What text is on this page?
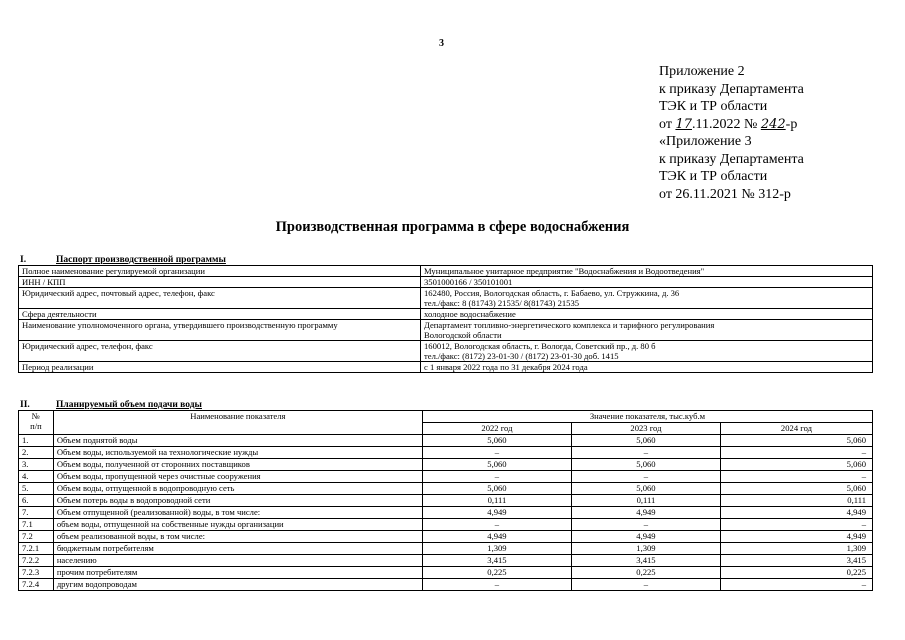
3
Приложение 2
к приказу Департамента
ТЭК и ТР области
от 17.11.2022 № 242-р
«Приложение 3
к приказу Департамента
ТЭК и ТР области
от 26.11.2021 № 312-р
Производственная программа в сфере водоснабжения
I.	Паспорт производственной программы
Полное наименование регулируемой организации	Муниципальное унитарное предприятие "Водоснабжения и Водоотведения"

ИНН / КПП	3501000166 / 350101001

Юридический адрес, почтовый адрес, телефон, факс	162480, Россия, Вологодская область, г. Бабаево, ул. Стружкина, д. 36
тел./факс: 8 (81743) 21535/ 8(81743) 21535

Сфера деятельности	холодное водоснабжение

Наименование уполномоченного органа, утвердившего производственную программу	Департамент топливно-энергетического комплекса и тарифного регулирования
Вологодской области

Юридический адрес, телефон, факс	160012, Вологодская область, г. Вологда, Советский пр., д. 80 б
тел./факс: (8172) 23-01-30 / (8172) 23-01-30 доб. 1415

Период реализации	с 1 января 2022 года по 31 декабря 2024 года
II.	Планируемый объем подачи воды
№
п/п	Наименование показателя	Значение показателя, тыс.куб.м		
		2022 год	2023 год	2024 год
1.	Объем поднятой воды	5,060	5,060	5,060
2.	Объем воды, используемой на технологические нужды	–	–	–
3.	Объем воды, полученной от сторонних поставщиков	5,060	5,060	5,060
4.	Объем воды, пропущенной через очистные сооружения	–	–	–
5.	Объем воды, отпущенной в водопроводную сеть	5,060	5,060	5,060
6.	Объем потерь воды в водопроводной сети	0,111	0,111	0,111
7.	Объем отпущенной (реализованной) воды, в том числе:	4,949	4,949	4,949
7.1	объем воды, отпущенной на собственные нужды организации	–	–	–
7.2	объем реализованной воды, в том числе:	4,949	4,949	4,949
7.2.1	бюджетным потребителям	1,309	1,309	1,309
7.2.2	населению	3,415	3,415	3,415
7.2.3	прочим потребителям	0,225	0,225	0,225
7.2.4	другим водопроводам	–	–	–
